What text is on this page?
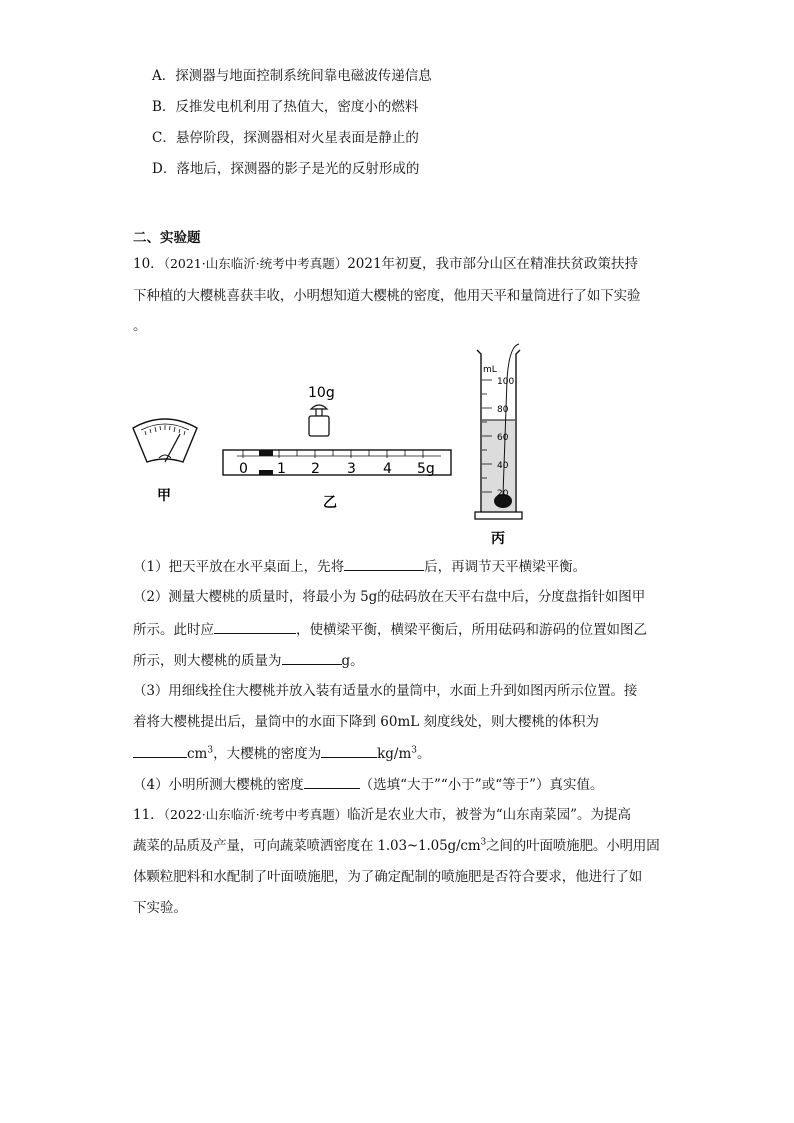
A．探测器与地面控制系统间靠电磁波传递信息
B．反推发电机利用了热值大，密度小的燃料
C．悬停阶段，探测器相对火星表面是静止的
D．落地后，探测器的影子是光的反射形成的
二、实验题
10．（2021·山东临沂·统考中考真题）2021年初夏，我市部分山区在精准扶贫政策扶持
下种植的大樱桃喜获丰收，小明想知道大樱桃的密度，他用天平和量筒进行了如下实验
。
甲
0 1 2 3 4 5g
乙
10g
mL
100
80
60
40
20
丙
（1）把天平放在水平桌面上，先将	后，再调节天平横梁平衡。
（2）测量大樱桃的质量时，将最小为 5g的砝码放在天平右盘中后，分度盘指针如图甲
所示。此时应	，使横梁平衡，横梁平衡后，所用砝码和游码的位置如图乙
所示，则大樱桃的质量为	g。
（3）用细线拴住大樱桃并放入装有适量水的量筒中，水面上升到如图丙所示位置。接
着将大樱桃提出后，量筒中的水面下降到 60mL 刻度线处，则大樱桃的体积为
$cm^3$，大樱桃的密度为	$kg/m^3$。
（4）小明所测大樱桃的密度	（选填“大于”“小于”或“等于”）真实值。
11．（2022·山东临沂·统考中考真题）临沂是农业大市，被誉为“山东南菜园”。为提高
蔬菜的品质及产量，可向蔬菜喷洒密度在 $1.03\sim 1.05g/cm^3$之间的叶面喷施肥。小明用固
体颗粒肥料和水配制了叶面喷施肥，为了确定配制的喷施肥是否符合要求，他进行了如
下实验。
